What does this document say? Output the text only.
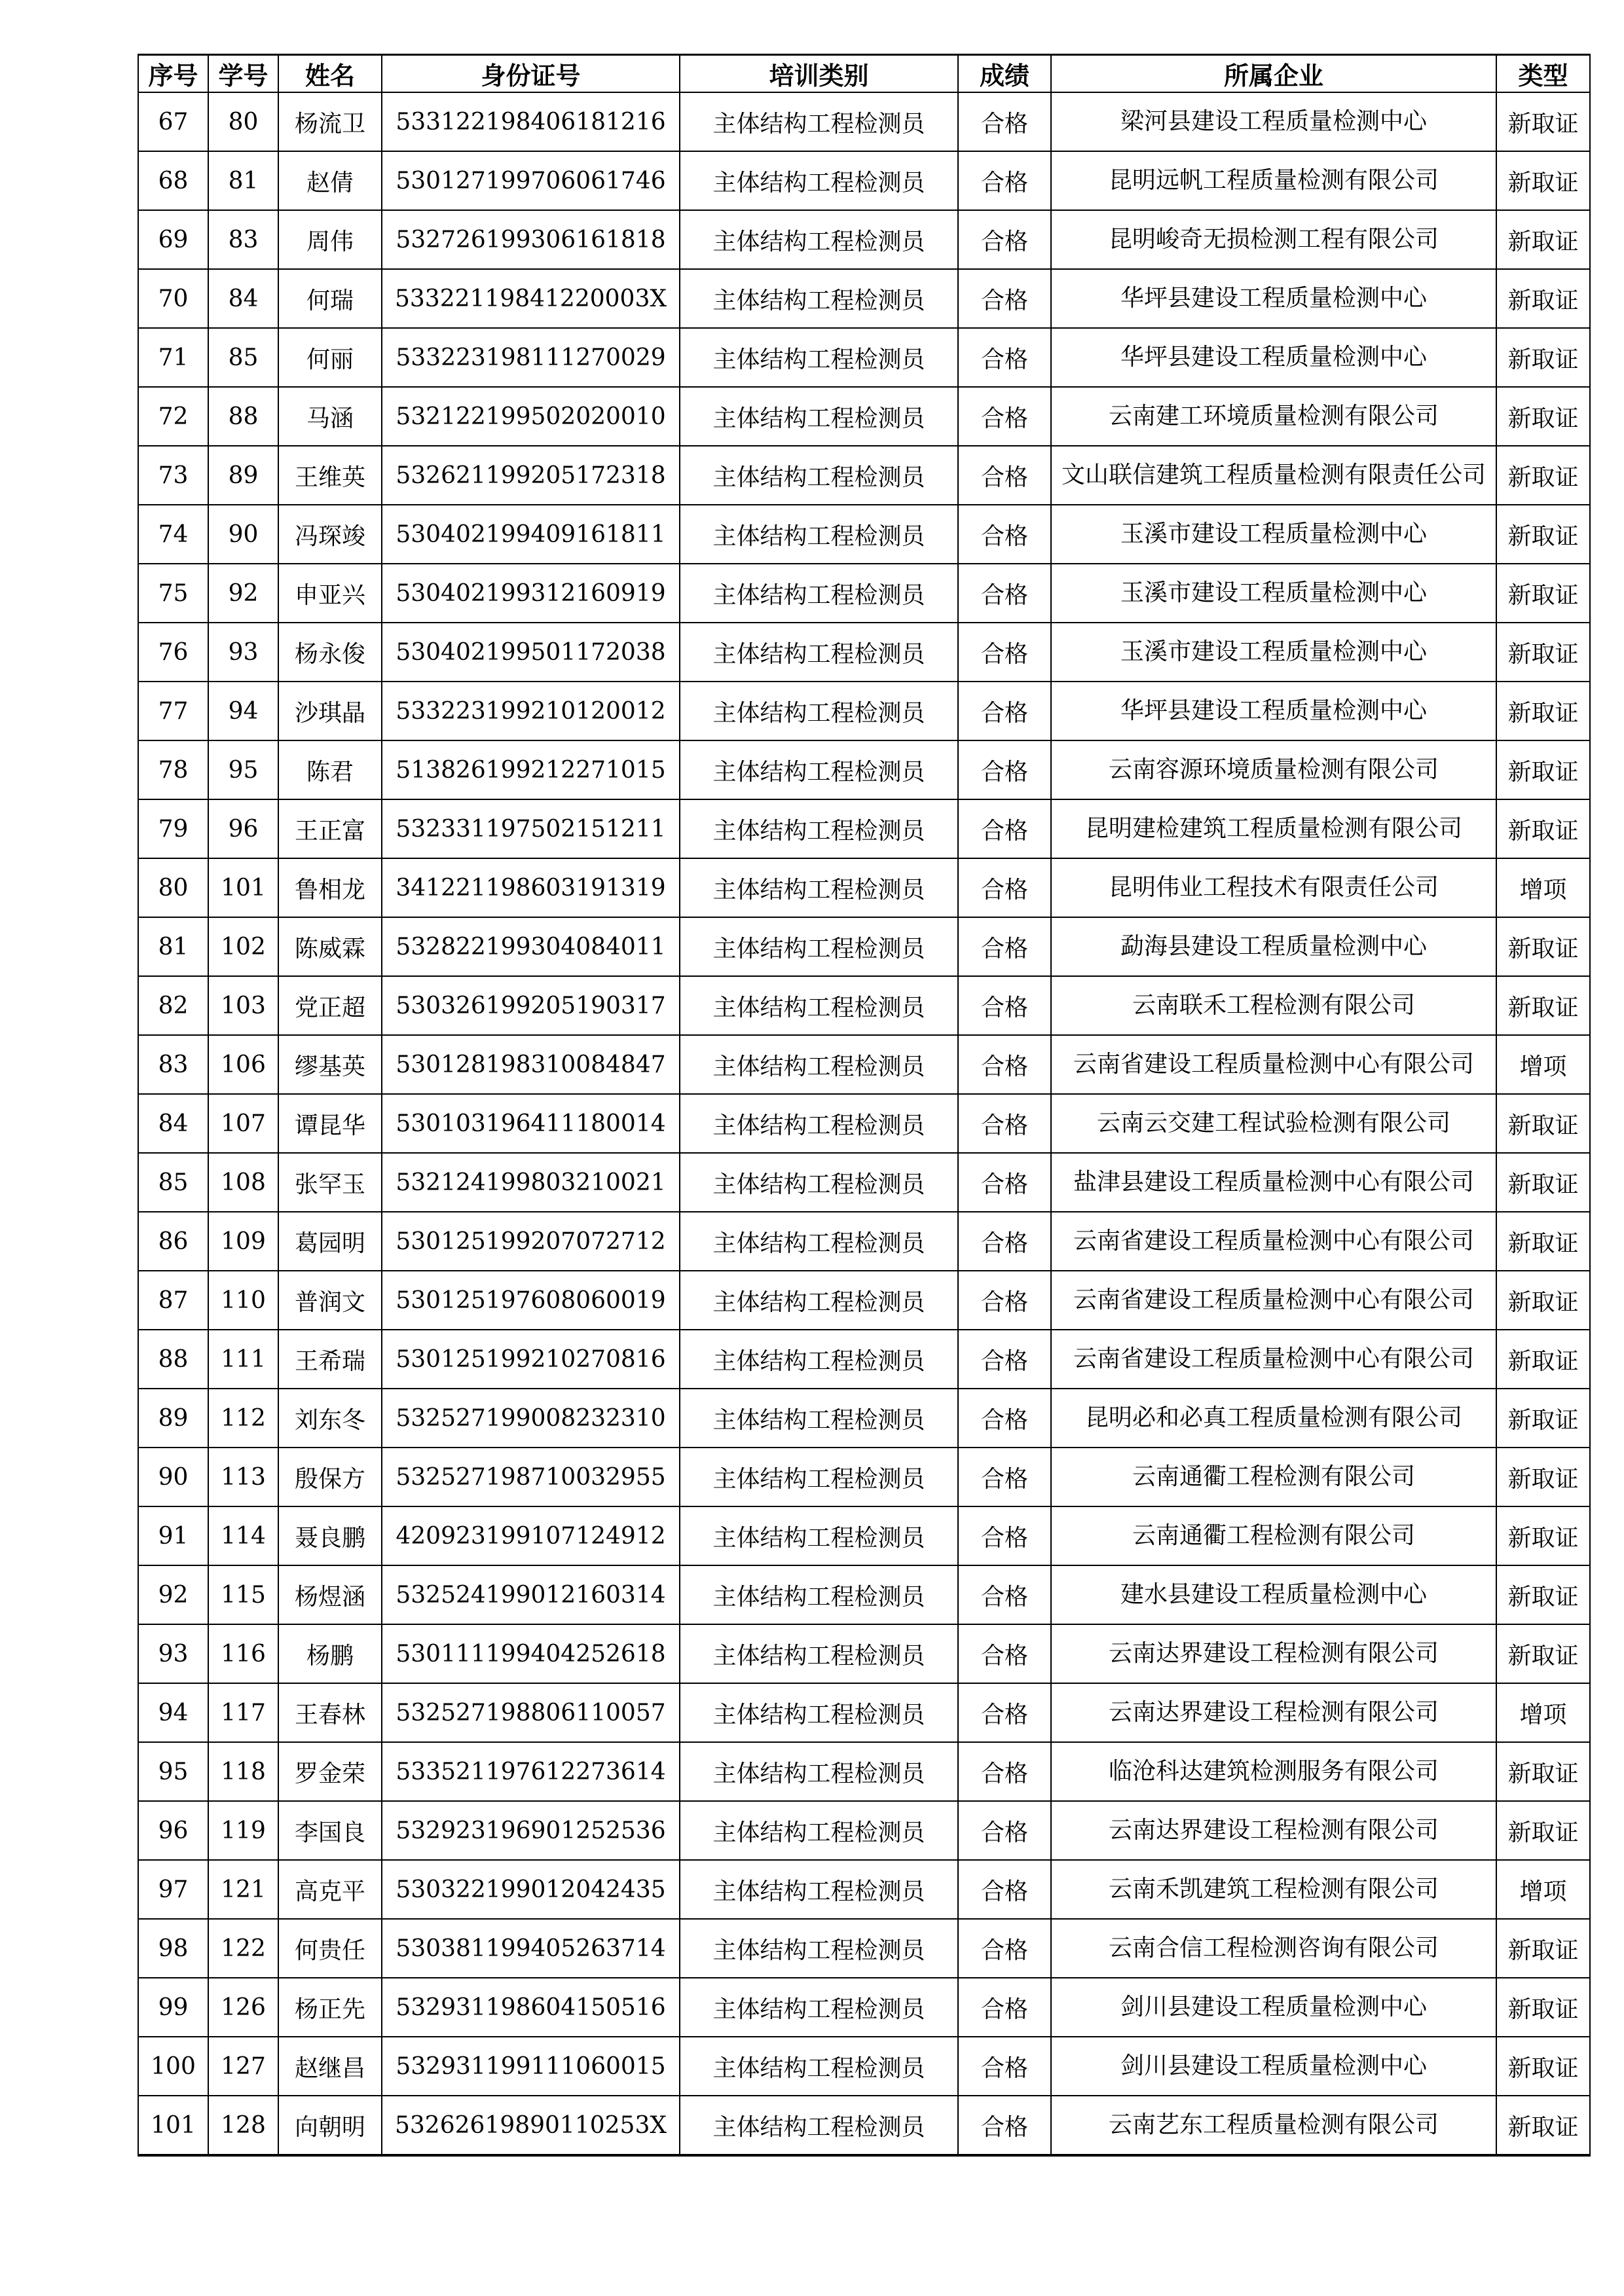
序号	学号	姓名	身份证号	培训类别	成绩	所属企业	类型
67	80	杨流卫	533122198406181216	主体结构工程检测员	合格	梁河县建设工程质量检测中心	新取证
68	81	赵倩	530127199706061746	主体结构工程检测员	合格	昆明远帆工程质量检测有限公司	新取证
69	83	周伟	532726199306161818	主体结构工程检测员	合格	昆明峻奇无损检测工程有限公司	新取证
70	84	何瑞	53322119841220003X	主体结构工程检测员	合格	华坪县建设工程质量检测中心	新取证
71	85	何丽	533223198111270029	主体结构工程检测员	合格	华坪县建设工程质量检测中心	新取证
72	88	马涵	532122199502020010	主体结构工程检测员	合格	云南建工环境质量检测有限公司	新取证
73	89	王维英	532621199205172318	主体结构工程检测员	合格	文山联信建筑工程质量检测有限责任公司	新取证
74	90	冯琛竣	530402199409161811	主体结构工程检测员	合格	玉溪市建设工程质量检测中心	新取证
75	92	申亚兴	530402199312160919	主体结构工程检测员	合格	玉溪市建设工程质量检测中心	新取证
76	93	杨永俊	530402199501172038	主体结构工程检测员	合格	玉溪市建设工程质量检测中心	新取证
77	94	沙琪晶	533223199210120012	主体结构工程检测员	合格	华坪县建设工程质量检测中心	新取证
78	95	陈君	513826199212271015	主体结构工程检测员	合格	云南容源环境质量检测有限公司	新取证
79	96	王正富	532331197502151211	主体结构工程检测员	合格	昆明建检建筑工程质量检测有限公司	新取证
80	101	鲁相龙	341221198603191319	主体结构工程检测员	合格	昆明伟业工程技术有限责任公司	增项
81	102	陈威霖	532822199304084011	主体结构工程检测员	合格	勐海县建设工程质量检测中心	新取证
82	103	党正超	530326199205190317	主体结构工程检测员	合格	云南联禾工程检测有限公司	新取证
83	106	缪基英	530128198310084847	主体结构工程检测员	合格	云南省建设工程质量检测中心有限公司	增项
84	107	谭昆华	530103196411180014	主体结构工程检测员	合格	云南云交建工程试验检测有限公司	新取证
85	108	张罕玉	532124199803210021	主体结构工程检测员	合格	盐津县建设工程质量检测中心有限公司	新取证
86	109	葛园明	530125199207072712	主体结构工程检测员	合格	云南省建设工程质量检测中心有限公司	新取证
87	110	普润文	530125197608060019	主体结构工程检测员	合格	云南省建设工程质量检测中心有限公司	新取证
88	111	王希瑞	530125199210270816	主体结构工程检测员	合格	云南省建设工程质量检测中心有限公司	新取证
89	112	刘东冬	532527199008232310	主体结构工程检测员	合格	昆明必和必真工程质量检测有限公司	新取证
90	113	殷保方	532527198710032955	主体结构工程检测员	合格	云南通衢工程检测有限公司	新取证
91	114	聂良鹏	420923199107124912	主体结构工程检测员	合格	云南通衢工程检测有限公司	新取证
92	115	杨煜涵	532524199012160314	主体结构工程检测员	合格	建水县建设工程质量检测中心	新取证
93	116	杨鹏	530111199404252618	主体结构工程检测员	合格	云南达界建设工程检测有限公司	新取证
94	117	王春林	532527198806110057	主体结构工程检测员	合格	云南达界建设工程检测有限公司	增项
95	118	罗金荣	533521197612273614	主体结构工程检测员	合格	临沧科达建筑检测服务有限公司	新取证
96	119	李国良	532923196901252536	主体结构工程检测员	合格	云南达界建设工程检测有限公司	新取证
97	121	高克平	530322199012042435	主体结构工程检测员	合格	云南禾凯建筑工程检测有限公司	增项
98	122	何贵任	530381199405263714	主体结构工程检测员	合格	云南合信工程检测咨询有限公司	新取证
99	126	杨正先	532931198604150516	主体结构工程检测员	合格	剑川县建设工程质量检测中心	新取证
100	127	赵继昌	532931199111060015	主体结构工程检测员	合格	剑川县建设工程质量检测中心	新取证
101	128	向朝明	53262619890110253X	主体结构工程检测员	合格	云南艺东工程质量检测有限公司	新取证
